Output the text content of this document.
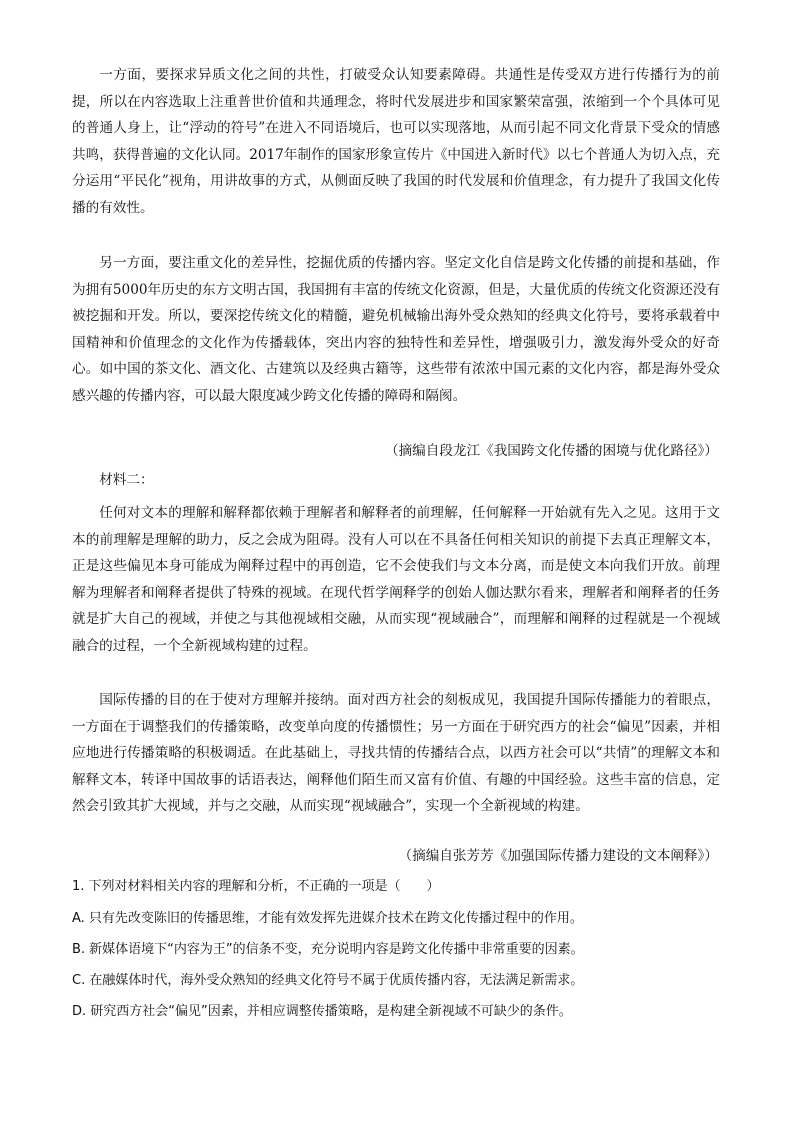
一方面，要探求异质文化之间的共性，打破受众认知要素障碍。共通性是传受双方进行传播行为的前提，所以在内容选取上注重普世价值和共通理念，将时代发展进步和国家繁荣富强，浓缩到一个个具体可见的普通人身上，让“浮动的符号”在进入不同语境后，也可以实现落地，从而引起不同文化背景下受众的情感共鸣，获得普遍的文化认同。2017年制作的国家形象宣传片《中国进入新时代》以七个普通人为切入点，充分运用“平民化”视角，用讲故事的方式，从侧面反映了我国的时代发展和价值理念，有力提升了我国文化传播的有效性。

另一方面，要注重文化的差异性，挖掘优质的传播内容。坚定文化自信是跨文化传播的前提和基础，作为拥有5000年历史的东方文明古国，我国拥有丰富的传统文化资源，但是，大量优质的传统文化资源还没有被挖掘和开发。所以，要深挖传统文化的精髓，避免机械输出海外受众熟知的经典文化符号，要将承载着中国精神和价值理念的文化作为传播载体，突出内容的独特性和差异性，增强吸引力，激发海外受众的好奇心。如中国的茶文化、酒文化、古建筑以及经典古籍等，这些带有浓浓中国元素的文化内容，都是海外受众感兴趣的传播内容，可以最大限度减少跨文化传播的障碍和隔阂。

（摘编自段龙江《我国跨文化传播的困境与优化路径》）

材料二：

任何对文本的理解和解释都依赖于理解者和解释者的前理解，任何解释一开始就有先入之见。这用于文本的前理解是理解的助力，反之会成为阻碍。没有人可以在不具备任何相关知识的前提下去真正理解文本，正是这些偏见本身可能成为阐释过程中的再创造，它不会使我们与文本分离，而是使文本向我们开放。前理解为理解者和阐释者提供了特殊的视域。在现代哲学阐释学的创始人伽达默尔看来，理解者和阐释者的任务就是扩大自己的视域，并使之与其他视域相交融，从而实现“视域融合”，而理解和阐释的过程就是一个视域融合的过程，一个全新视域构建的过程。

国际传播的目的在于使对方理解并接纳。面对西方社会的刻板成见，我国提升国际传播能力的着眼点，一方面在于调整我们的传播策略，改变单向度的传播惯性；另一方面在于研究西方的社会“偏见”因素，并相应地进行传播策略的积极调适。在此基础上，寻找共情的传播结合点，以西方社会可以“共情”的理解文本和解释文本，转译中国故事的话语表达，阐释他们陌生而又富有价值、有趣的中国经验。这些丰富的信息，定然会引致其扩大视域，并与之交融，从而实现“视域融合”，实现一个全新视域的构建。

（摘编自张芳芳《加强国际传播力建设的文本阐释》）

1. 下列对材料相关内容的理解和分析，不正确的一项是（　　）

A. 只有先改变陈旧的传播思维，才能有效发挥先进媒介技术在跨文化传播过程中的作用。

B. 新媒体语境下“内容为王”的信条不变，充分说明内容是跨文化传播中非常重要的因素。

C. 在融媒体时代，海外受众熟知的经典文化符号不属于优质传播内容，无法满足新需求。

D. 研究西方社会“偏见”因素，并相应调整传播策略，是构建全新视域不可缺少的条件。
